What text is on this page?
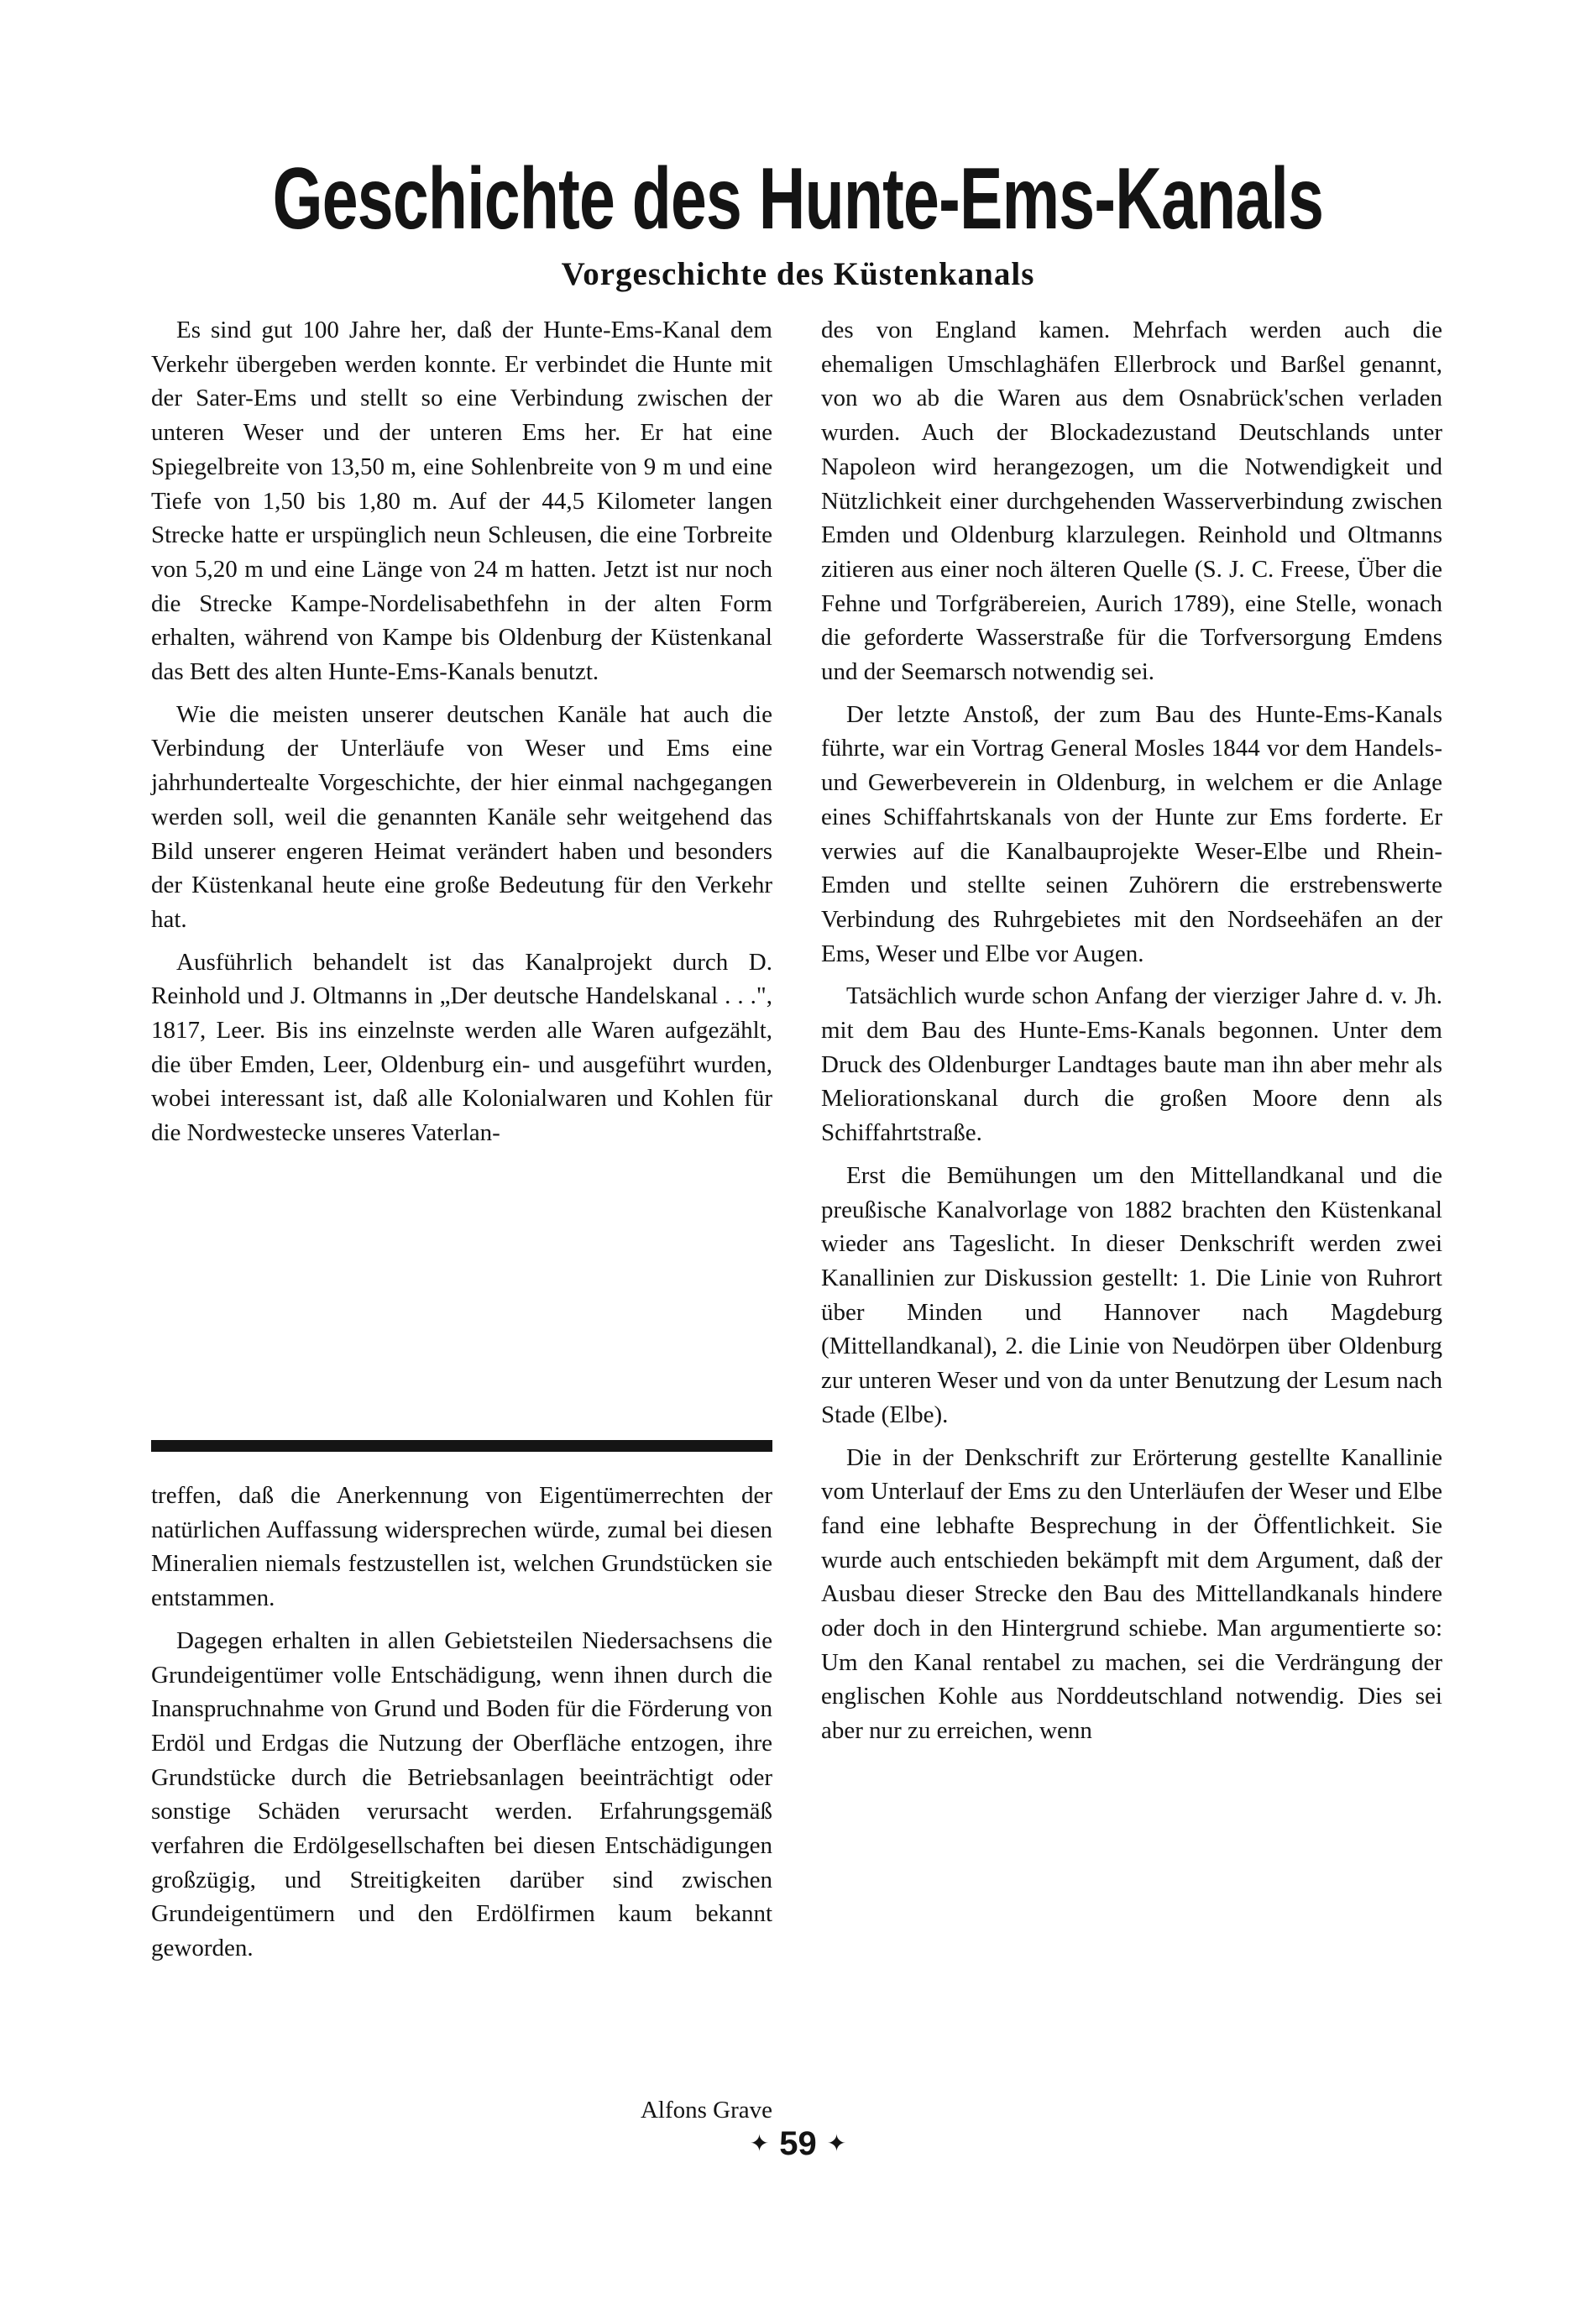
Geschichte des Hunte-Ems-Kanals
Vorgeschichte des Küstenkanals

Es sind gut 100 Jahre her, daß der Hunte-Ems-Kanal dem Verkehr übergeben werden konnte. Er verbindet die Hunte mit der Sater-Ems und stellt so eine Verbindung zwischen der unteren Weser und der unteren Ems her. Er hat eine Spiegelbreite von 13,50 m, eine Sohlenbreite von 9 m und eine Tiefe von 1,50 bis 1,80 m. Auf der 44,5 Kilometer langen Strecke hatte er urspünglich neun Schleusen, die eine Torbreite von 5,20 m und eine Länge von 24 m hatten. Jetzt ist nur noch die Strecke Kampe-Nordelisabethfehn in der alten Form erhalten, während von Kampe bis Oldenburg der Küstenkanal das Bett des alten Hunte-Ems-Kanals benutzt.

Wie die meisten unserer deutschen Kanäle hat auch die Verbindung der Unterläufe von Weser und Ems eine jahrhundertealte Vorgeschichte, der hier einmal nachgegangen werden soll, weil die genannten Kanäle sehr weitgehend das Bild unserer engeren Heimat verändert haben und besonders der Küstenkanal heute eine große Bedeutung für den Verkehr hat.

Ausführlich behandelt ist das Kanalprojekt durch D. Reinhold und J. Oltmanns in „Der deutsche Handelskanal . . .", 1817, Leer. Bis ins einzelnste werden alle Waren aufgezählt, die über Emden, Leer, Oldenburg ein- und ausgeführt wurden, wobei interessant ist, daß alle Kolonialwaren und Kohlen für die Nordwestecke unseres Vaterlan-

treffen, daß die Anerkennung von Eigentümerrechten der natürlichen Auffassung widersprechen würde, zumal bei diesen Mineralien niemals festzustellen ist, welchen Grundstücken sie entstammen.

Dagegen erhalten in allen Gebietsteilen Niedersachsens die Grundeigentümer volle Entschädigung, wenn ihnen durch die Inanspruchnahme von Grund und Boden für die Förderung von Erdöl und Erdgas die Nutzung der Oberfläche entzogen, ihre Grundstücke durch die Betriebsanlagen beeinträchtigt oder sonstige Schäden verursacht werden. Erfahrungsgemäß verfahren die Erdölgesellschaften bei diesen Entschädigungen großzügig, und Streitigkeiten darüber sind zwischen Grundeigentümern und den Erdölfirmen kaum bekannt geworden.

Alfons Grave

des von England kamen. Mehrfach werden auch die ehemaligen Umschlaghäfen Ellerbrock und Barßel genannt, von wo ab die Waren aus dem Osnabrück'schen verladen wurden. Auch der Blockadezustand Deutschlands unter Napoleon wird herangezogen, um die Notwendigkeit und Nützlichkeit einer durchgehenden Wasserverbindung zwischen Emden und Oldenburg klarzulegen. Reinhold und Oltmanns zitieren aus einer noch älteren Quelle (S. J. C. Freese, Über die Fehne und Torfgräbereien, Aurich 1789), eine Stelle, wonach die geforderte Wasserstraße für die Torfversorgung Emdens und der Seemarsch notwendig sei.

Der letzte Anstoß, der zum Bau des Hunte-Ems-Kanals führte, war ein Vortrag General Mosles 1844 vor dem Handels- und Gewerbeverein in Oldenburg, in welchem er die Anlage eines Schiffahrtskanals von der Hunte zur Ems forderte. Er verwies auf die Kanalbauprojekte Weser-Elbe und Rhein-Emden und stellte seinen Zuhörern die erstrebenswerte Verbindung des Ruhrgebietes mit den Nordseehäfen an der Ems, Weser und Elbe vor Augen.

Tatsächlich wurde schon Anfang der vierziger Jahre d. v. Jh. mit dem Bau des Hunte-Ems-Kanals begonnen. Unter dem Druck des Oldenburger Landtages baute man ihn aber mehr als Meliorationskanal durch die großen Moore denn als Schiffahrtstraße.

Erst die Bemühungen um den Mittellandkanal und die preußische Kanalvorlage von 1882 brachten den Küstenkanal wieder ans Tageslicht. In dieser Denkschrift werden zwei Kanallinien zur Diskussion gestellt: 1. Die Linie von Ruhrort über Minden und Hannover nach Magdeburg (Mittellandkanal), 2. die Linie von Neudörpen über Oldenburg zur unteren Weser und von da unter Benutzung der Lesum nach Stade (Elbe).

Die in der Denkschrift zur Erörterung gestellte Kanallinie vom Unterlauf der Ems zu den Unterläufen der Weser und Elbe fand eine lebhafte Besprechung in der Öffentlichkeit. Sie wurde auch entschieden bekämpft mit dem Argument, daß der Ausbau dieser Strecke den Bau des Mittellandkanals hindere oder doch in den Hintergrund schiebe. Man argumentierte so: Um den Kanal rentabel zu machen, sei die Verdrängung der englischen Kohle aus Norddeutschland notwendig. Dies sei aber nur zu erreichen, wenn

✦ 59 ✦
